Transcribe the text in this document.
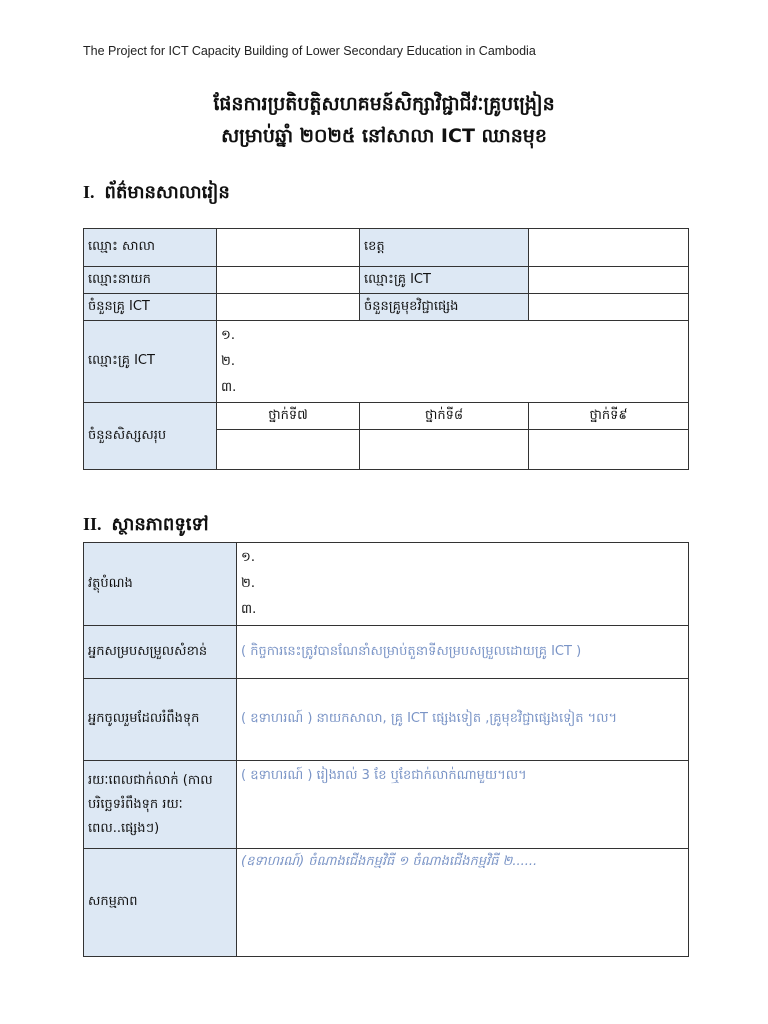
The Project for ICT Capacity Building of Lower Secondary Education in Cambodia
ផែនការប្រតិបត្តិសហគមន៍សិក្សាវិជ្ជាជីវៈគ្រូបង្រៀន
សម្រាប់ឆ្នាំ ២០២៥ នៅសាលា ICT ឈានមុខ
I. ព័ត៌មានសាលារៀន
ឈ្មោះ សាលា		ខេត្ត	
ឈ្មោះនាយក		ឈ្មោះគ្រូ ICT	
ចំនួនគ្រូ ICT		ចំនួនគ្រូមុខវិជ្ជាផ្សេង	
ឈ្មោះគ្រូ ICT	១.
២.
៣.		

ចំនួនសិស្សសរុប	ថ្នាក់ទី៧	ថ្នាក់ទី៨	ថ្នាក់ទី៩

II. ស្ថានភាពទូទៅ
វត្ថុបំណង	១.
២.
៣.

អ្នកសម្របសម្រួលសំខាន់	( កិច្ចការនេះត្រូវបានណែនាំសម្រាប់តួនាទីសម្របសម្រួលដោយគ្រូ ICT )
អ្នកចូលរួមដែលរំពឹងទុក	( ឧទាហរណ៍ ) នាយកសាលា, គ្រូ ICT ផ្សេងទៀត ,គ្រូមុខវិជ្ជាផ្សេងទៀត ។ល។
រយៈពេលជាក់លាក់ (កាលបរិច្ឆេទរំពឹងទុក រយៈពេល..ផ្សេងៗ)	( ឧទាហរណ៍ ) រៀងរាល់ 3 ខែ ឬខែជាក់លាក់ណាមួយ។ល។
សកម្មភាព	(ឧទាហរណ៍) ចំណាងជើងកម្មវិធី ១ ចំណាងជើងកម្មវិធី ២......
